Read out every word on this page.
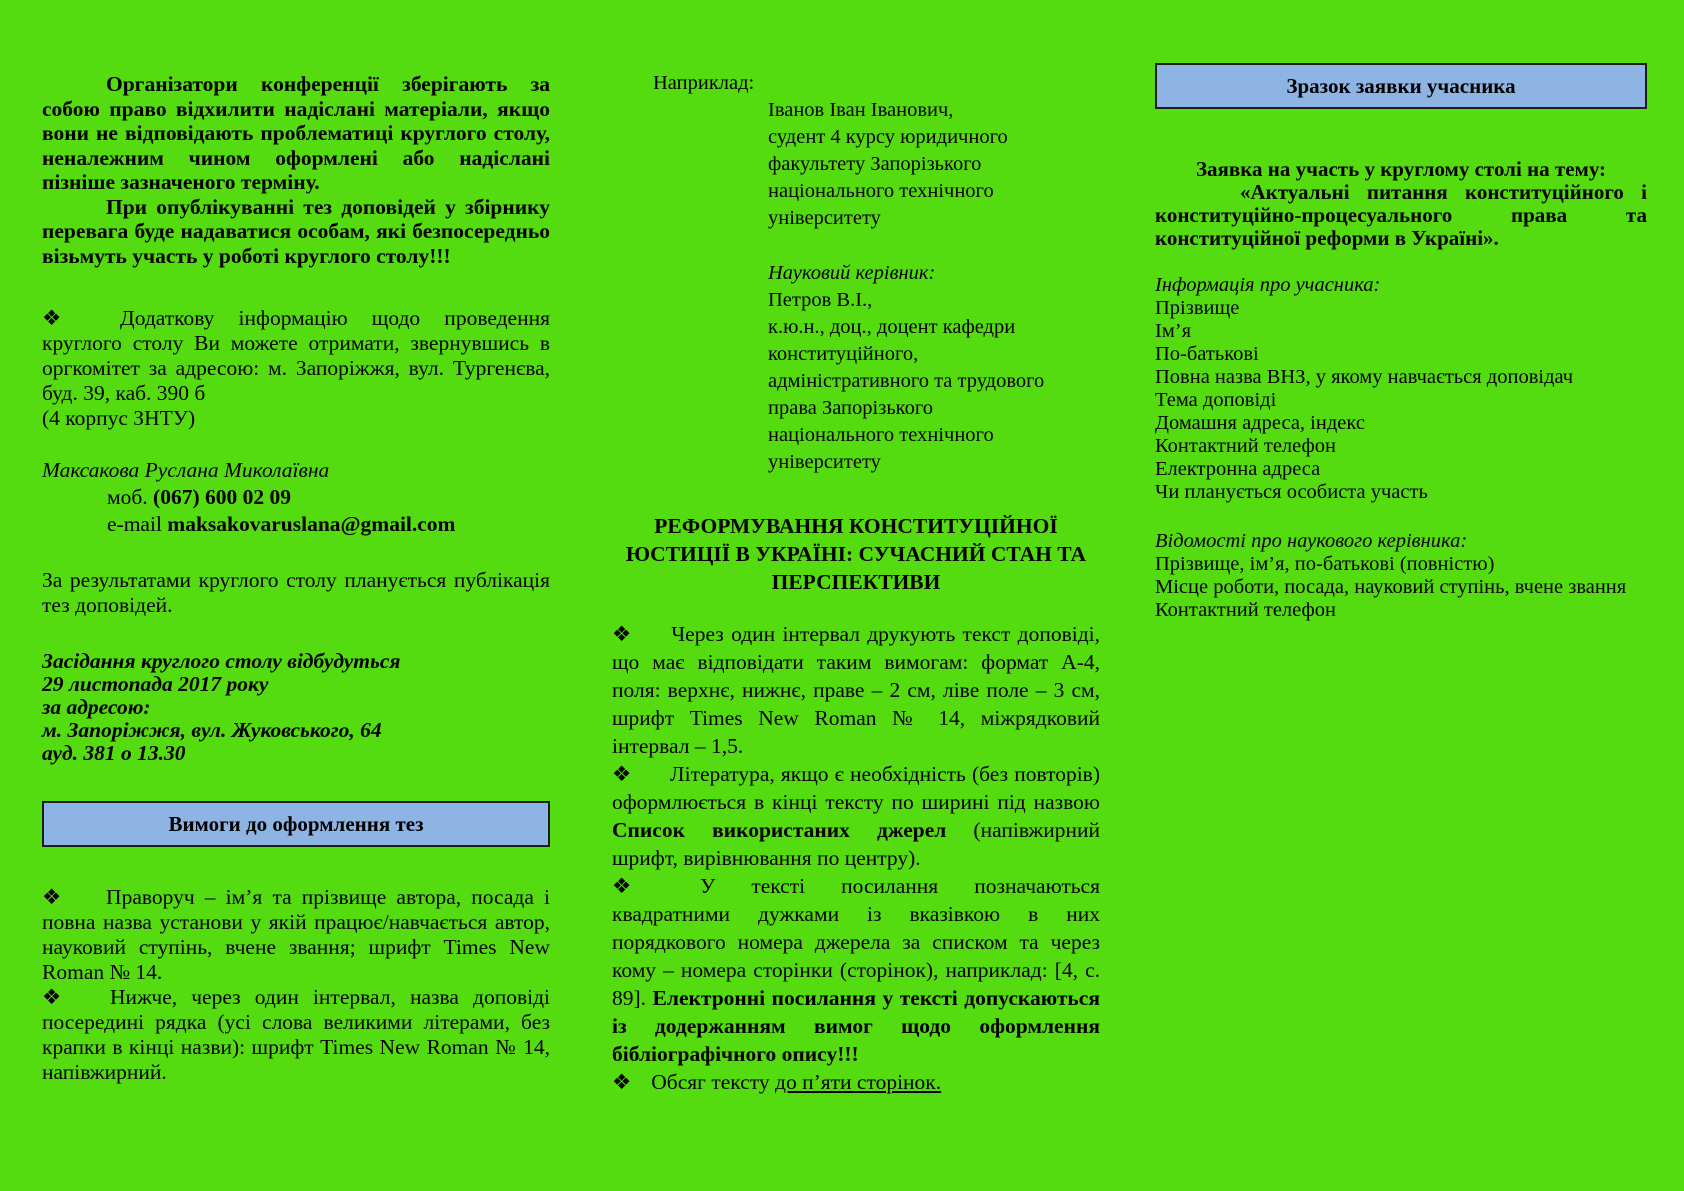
Організатори конференції зберігають за собою право відхилити надіслані матеріали, якщо вони не відповідають проблематиці круглого столу, неналежним чином оформлені або надіслані пізніше зазначеного терміну.

При опублікуванні тез доповідей у збірнику перевага буде надаватися особам, які безпосередньо візьмуть участь у роботі круглого столу!!!

❖ Додаткову інформацію щодо проведення круглого столу Ви можете отримати, звернувшись в оргкомітет за адресою: м. Запоріжжя, вул. Тургенєва, буд. 39, каб. 390 б

(4 корпус ЗНТУ)

Максакова Руслана Миколаївна
моб. (067) 600 02 09
e-mail maksakovaruslana@gmail.com

За результатами круглого столу планується публікація тез доповідей.

Засідання круглого столу відбудуться
29 листопада 2017 року
за адресою:
м. Запоріжжя, вул. Жуковського, 64
ауд. 381 о 13.30
Вимоги до оформлення тез

❖ Праворуч – ім’я та прізвище автора, посада і повна назва установи у якій працює/навчається автор, науковий ступінь, вчене звання; шрифт Times New Roman № 14.

❖ Нижче, через один інтервал, назва доповіді посередині рядка (усі слова великими літерами, без крапки в кінці назви): шрифт Times New Roman № 14, напівжирний.

Наприклад:

Іванов Іван Іванович,
судент 4 курсу юридичного
факультету Запорізького
національного технічного
університету
Науковий керівник:
Петров В.І.,
к.ю.н., доц., доцент кафедри
конституційного,
адміністративного та трудового
права Запорізького
національного технічного
університету

РЕФОРМУВАННЯ КОНСТИТУЦІЙНОЇ ЮСТИЦІЇ В УКРАЇНІ: СУЧАСНИЙ СТАН ТА ПЕРСПЕКТИВИ

❖ Через один інтервал друкують текст доповіді, що має відповідати таким вимогам: формат А-4, поля: верхнє, нижнє, праве – 2 см, ліве поле – 3 см, шрифт Times New Roman № 14, міжрядковий інтервал – 1,5.

❖ Література, якщо є необхідність (без повторів) оформлюється в кінці тексту по ширині під назвою Список використаних джерел (напівжирний шрифт, вирівнювання по центру).

❖ У тексті посилання позначаються квадратними дужками із вказівкою в них порядкового номера джерела за списком та через кому – номера сторінки (сторінок), наприклад: [4, с. 89]. Електронні посилання у тексті допускаються із додержанням вимог щодо оформлення бібліографічного опису!!!

❖ Обсяг тексту до п’яти сторінок.

Зразок заявки учасника

Заявка на участь у круглому столі на тему:

«Актуальні питання конституційного і конституційно-процесуального права та конституційної реформи в Україні».

Інформація про учасника:

Прізвище
Ім’я
По-батькові
Повна назва ВНЗ, у якому навчається доповідач
Тема доповіді
Домашня адреса, індекс
Контактний телефон
Електронна адреса
Чи планується особиста участь

Відомості про наукового керівника:

Прізвище, ім’я, по-батькові (повністю)
Місце роботи, посада, науковий ступінь, вчене звання
Контактний телефон
